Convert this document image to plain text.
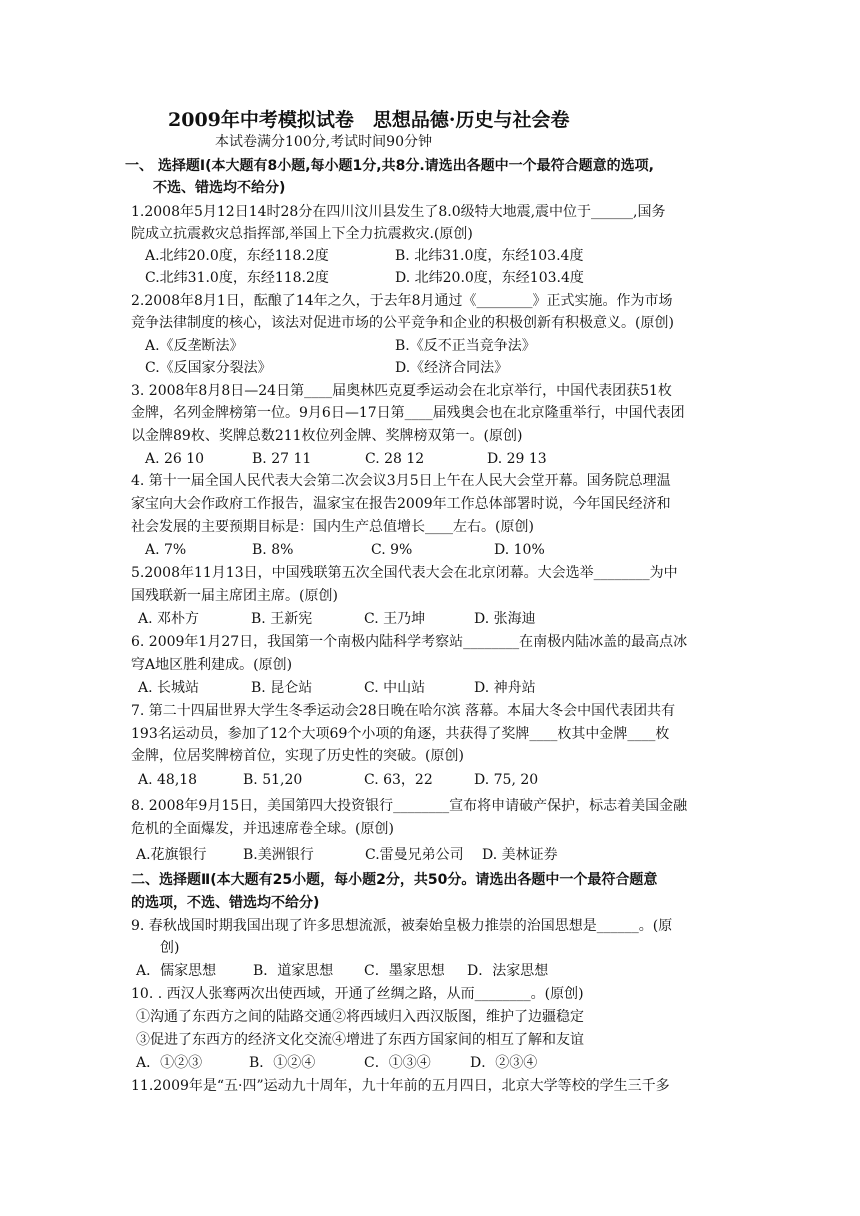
2009年中考模拟试卷　思想品德·历史与社会卷
本试卷满分100分,考试时间90分钟
一、 选择题Ⅰ(本大题有8小题,每小题1分,共8分.请选出各题中一个最符合题意的选项,
不选、错选均不给分)
1.2008年5月12日14时28分在四川汶川县发生了8.0级特大地震,震中位于______,国务
院成立抗震救灾总指挥部,举国上下全力抗震救灾.(原创)
A.北纬20.0度，东经118.2度	B. 北纬31.0度，东经103.4度
C.北纬31.0度，东经118.2度	D. 北纬20.0度，东经103.4度
2.2008年8月1日，酝酿了14年之久，于去年8月通过《________》正式实施。作为市场
竞争法律制度的核心，该法对促进市场的公平竞争和企业的积极创新有积极意义。(原创)
A.《反垄断法》	B.《反不正当竞争法》
C.《反国家分裂法》	D.《经济合同法》
3. 2008年8月8日—24日第____届奥林匹克夏季运动会在北京举行，中国代表团获51枚
金牌，名列金牌榜第一位。9月6日—17日第____届残奥会也在北京隆重举行，中国代表团
以金牌89枚、奖牌总数211枚位列金牌、奖牌榜双第一。(原创)
A. 26 10	B. 27 11	C. 28 12	D. 29 13
4. 第十一届全国人民代表大会第二次会议3月5日上午在人民大会堂开幕。国务院总理温
家宝向大会作政府工作报告，温家宝在报告2009年工作总体部署时说，今年国民经济和
社会发展的主要预期目标是：国内生产总值增长____左右。(原创)
A. 7%	B. 8%	C. 9%	D. 10%
5.2008年11月13日，中国残联第五次全国代表大会在北京闭幕。大会选举________为中
国残联新一届主席团主席。(原创)
A. 邓朴方	B. 王新宪	C. 王乃坤	D. 张海迪
6. 2009年1月27日，我国第一个南极内陆科学考察站________在南极内陆冰盖的最高点冰
穹A地区胜利建成。(原创)
A. 长城站	B. 昆仑站	C. 中山站	D. 神舟站
7. 第二十四届世界大学生冬季运动会28日晚在哈尔滨 落幕。本届大冬会中国代表团共有
193名运动员，参加了12个大项69个小项的角逐，共获得了奖牌____枚其中金牌____枚
金牌，位居奖牌榜首位，实现了历史性的突破。(原创)
A. 48,18	B. 51,20	C. 63，22	D. 75, 20
8. 2008年9月15日，美国第四大投资银行________宣布将申请破产保护，标志着美国金融
危机的全面爆发，并迅速席卷全球。(原创)
A.花旗银行	B.美洲银行	C.雷曼兄弟公司 D. 美林证券
二、选择题Ⅱ(本大题有25小题，每小题2分，共50分。请选出各题中一个最符合题意
的选项，不选、错选均不给分)
9. 春秋战国时期我国出现了许多思想流派，被秦始皇极力推崇的治国思想是______。(原
创)
A．儒家思想	B．道家思想 C．墨家思想 D．法家思想
10. . 西汉人张骞两次出使西域，开通了丝绸之路，从而________。(原创)
①沟通了东西方之间的陆路交通②将西域归入西汉版图，维护了边疆稳定
③促进了东西方的经济文化交流④增进了东西方国家间的相互了解和友谊
A．①②③	B．①②④	C．①③④	D．②③④
11.2009年是“五·四”运动九十周年，九十年前的五月四日，北京大学等校的学生三千多
